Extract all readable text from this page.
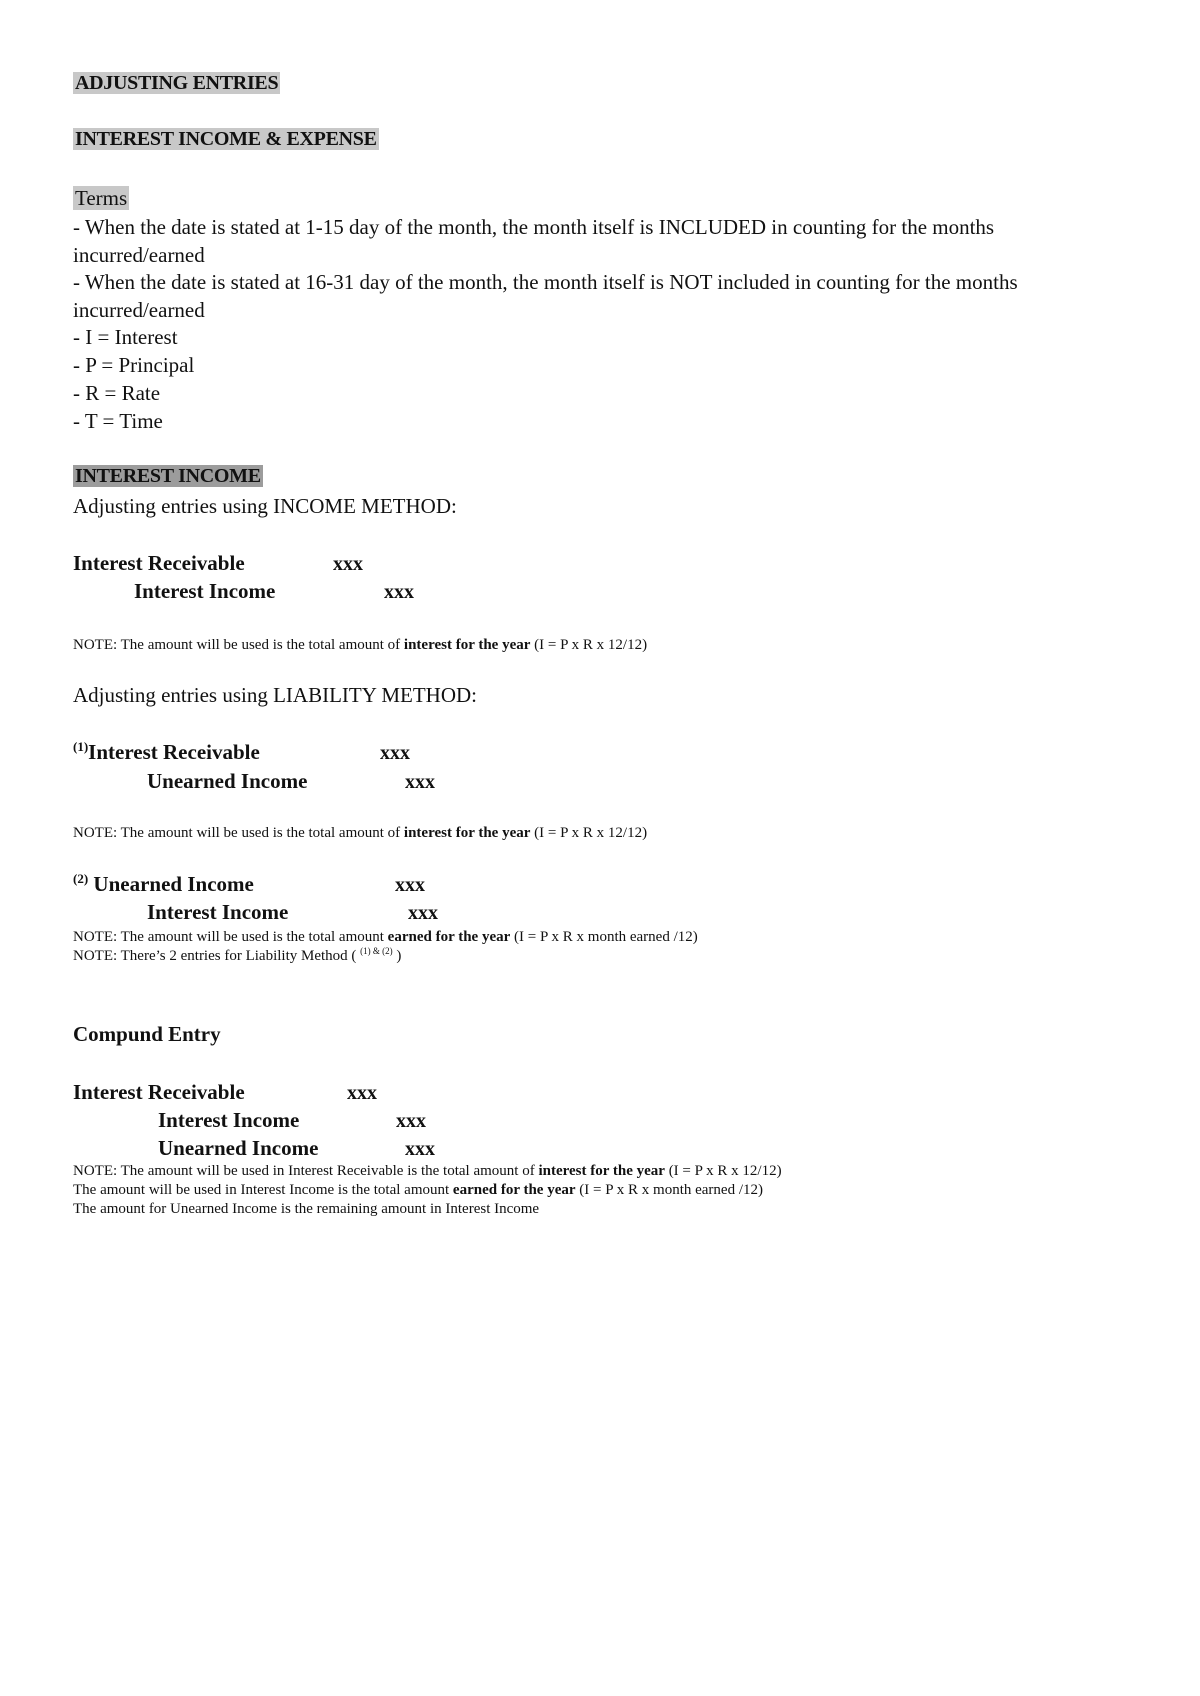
ADJUSTING ENTRIES
INTEREST INCOME & EXPENSE
Terms
- When the date is stated at 1-15 day of the month, the month itself is INCLUDED in counting for the months incurred/earned
- When the date is stated at 16-31 day of the month, the month itself is NOT included in counting for the months incurred/earned
- I = Interest
- P = Principal
- R = Rate
- T = Time
INTEREST INCOME
Adjusting entries using INCOME METHOD:
Interest Receivable	xxx
Interest Income	xxx
NOTE: The amount will be used is the total amount of interest for the year (I = P x R x 12/12)
Adjusting entries using LIABILITY METHOD:
$^{(1)}$Interest Receivable	xxx
Unearned Income	xxx
NOTE: The amount will be used is the total amount of interest for the year (I = P x R x 12/12)
$^{(2)}$ Unearned Income	xxx
Interest Income	xxx
NOTE: The amount will be used is the total amount earned for the year (I = P x R x month earned /12)
NOTE: There’s 2 entries for Liability Method ( $^{(1) \& (2)}$ )
Compund Entry
Interest Receivable	xxx
Interest Income	xxx
Unearned Income	xxx
NOTE: The amount will be used in Interest Receivable is the total amount of interest for the year (I = P x R x 12/12)
The amount will be used in Interest Income is the total amount earned for the year (I = P x R x month earned /12)
The amount for Unearned Income is the remaining amount in Interest Income
